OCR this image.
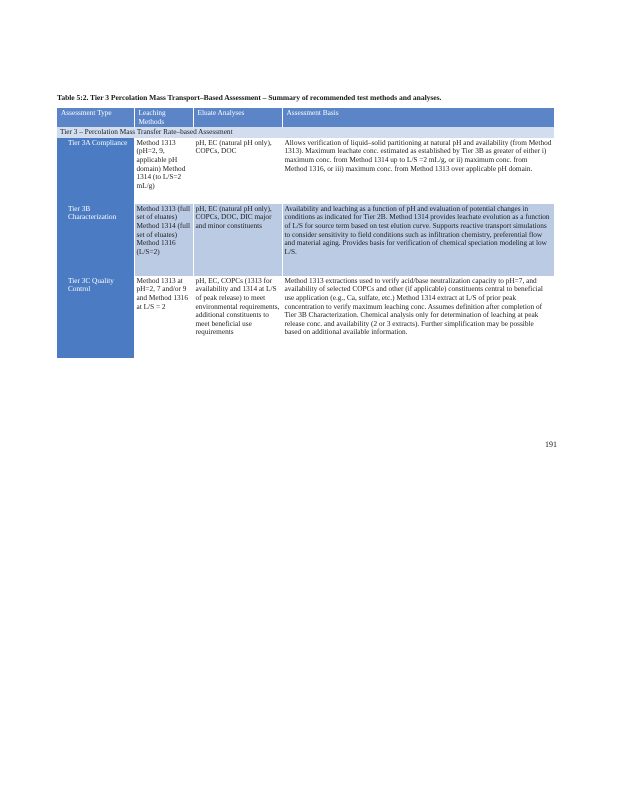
Table 5:2. Tier 3 Percolation Mass Transport–Based Assessment – Summary of recommended test methods and analyses.
Assessment Type	Leaching Methods	Eluate Analyses	Assessment Basis
Tier 3 – Percolation Mass Transfer Rate–based Assessment			
Tier 3A Compliance	Method 1313 (pH=2, 9, applicable pH domain) Method 1314 (to L/S=2 mL/g)	pH, EC (natural pH only), COPCs, DOC	Allows verification of liquid–solid partitioning at natural pH and availability (from Method 1313). Maximum leachate conc. estimated as established by Tier 3B as greater of either i) maximum conc. from Method 1314 up to L/S =2 mL/g, or ii) maximum conc. from Method 1316, or iii) maximum conc. from Method 1313 over applicable pH domain.
Tier 3B Characterization	Method 1313 (full set of eluates) Method 1314 (full set of eluates) Method 1316 (L/S=2)	pH, EC (natural pH only), COPCs, DOC, DIC major and minor constituents	Availability and leaching as a function of pH and evaluation of potential changes in conditions as indicated for Tier 2B. Method 1314 provides leachate evolution as a function of L/S for source term based on test elution curve. Supports reactive transport simulations to consider sensitivity to field conditions such as infiltration chemistry, preferential flow and material aging. Provides basis for verification of chemical speciation modeling at low L/S.
Tier 3C Quality Control	Method 1313 at pH=2, 7 and/or 9 and Method 1316 at L/S = 2	pH, EC, COPCs (1313 for availability and 1314 at L/S of peak release) to meet environmental requirements, additional constituents to meet beneficial use requirements	Method 1313 extractions used to verify acid/base neutralization capacity to pH=7, and availability of selected COPCs and other (if applicable) constituents central to beneficial use application (e.g., Ca, sulfate, etc.) Method 1314 extract at L/S of prior peak concentration to verify maximum leaching conc. Assumes definition after completion of Tier 3B Characterization. Chemical analysis only for determination of leaching at peak release conc. and availability (2 or 3 extracts). Further simplification may be possible based on additional available information.
191
